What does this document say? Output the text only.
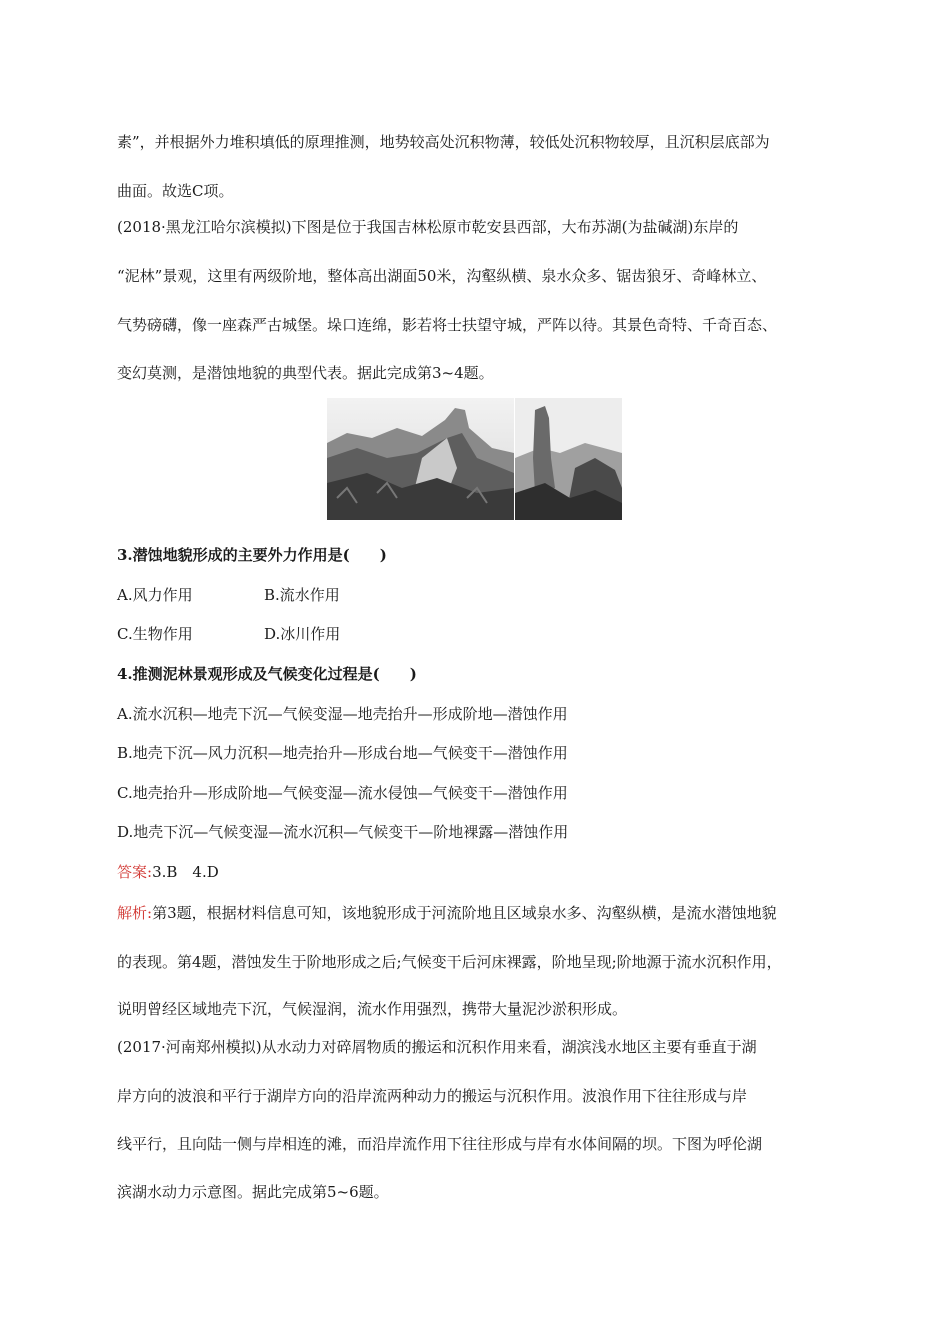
素”，并根据外力堆积填低的原理推测，地势较高处沉积物薄，较低处沉积物较厚，且沉积层底部为
曲面。故选C项。
(2018·黑龙江哈尔滨模拟)下图是位于我国吉林松原市乾安县西部，大布苏湖(为盐碱湖)东岸的
“泥林”景观，这里有两级阶地，整体高出湖面50米，沟壑纵横、泉水众多、锯齿狼牙、奇峰林立、
气势磅礴，像一座森严古城堡。垛口连绵，影若将士扶望守城，严阵以待。其景色奇特、千奇百态、
变幻莫测，是潜蚀地貌的典型代表。据此完成第3~4题。
3.潜蚀地貌形成的主要外力作用是(　　)
A.风力作用	B.流水作用
C.生物作用	D.冰川作用
4.推测泥林景观形成及气候变化过程是(　　)
A.流水沉积—地壳下沉—气候变湿—地壳抬升—形成阶地—潜蚀作用
B.地壳下沉—风力沉积—地壳抬升—形成台地—气候变干—潜蚀作用
C.地壳抬升—形成阶地—气候变湿—流水侵蚀—气候变干—潜蚀作用
D.地壳下沉—气候变湿—流水沉积—气候变干—阶地裸露—潜蚀作用
答案:3.B　4.D
解析:第3题，根据材料信息可知，该地貌形成于河流阶地且区域泉水多、沟壑纵横，是流水潜蚀地貌
的表现。第4题，潜蚀发生于阶地形成之后;气候变干后河床裸露，阶地呈现;阶地源于流水沉积作用，
说明曾经区域地壳下沉，气候湿润，流水作用强烈，携带大量泥沙淤积形成。
(2017·河南郑州模拟)从水动力对碎屑物质的搬运和沉积作用来看，湖滨浅水地区主要有垂直于湖
岸方向的波浪和平行于湖岸方向的沿岸流两种动力的搬运与沉积作用。波浪作用下往往形成与岸
线平行，且向陆一侧与岸相连的滩，而沿岸流作用下往往形成与岸有水体间隔的坝。下图为呼伦湖
滨湖水动力示意图。据此完成第5~6题。
